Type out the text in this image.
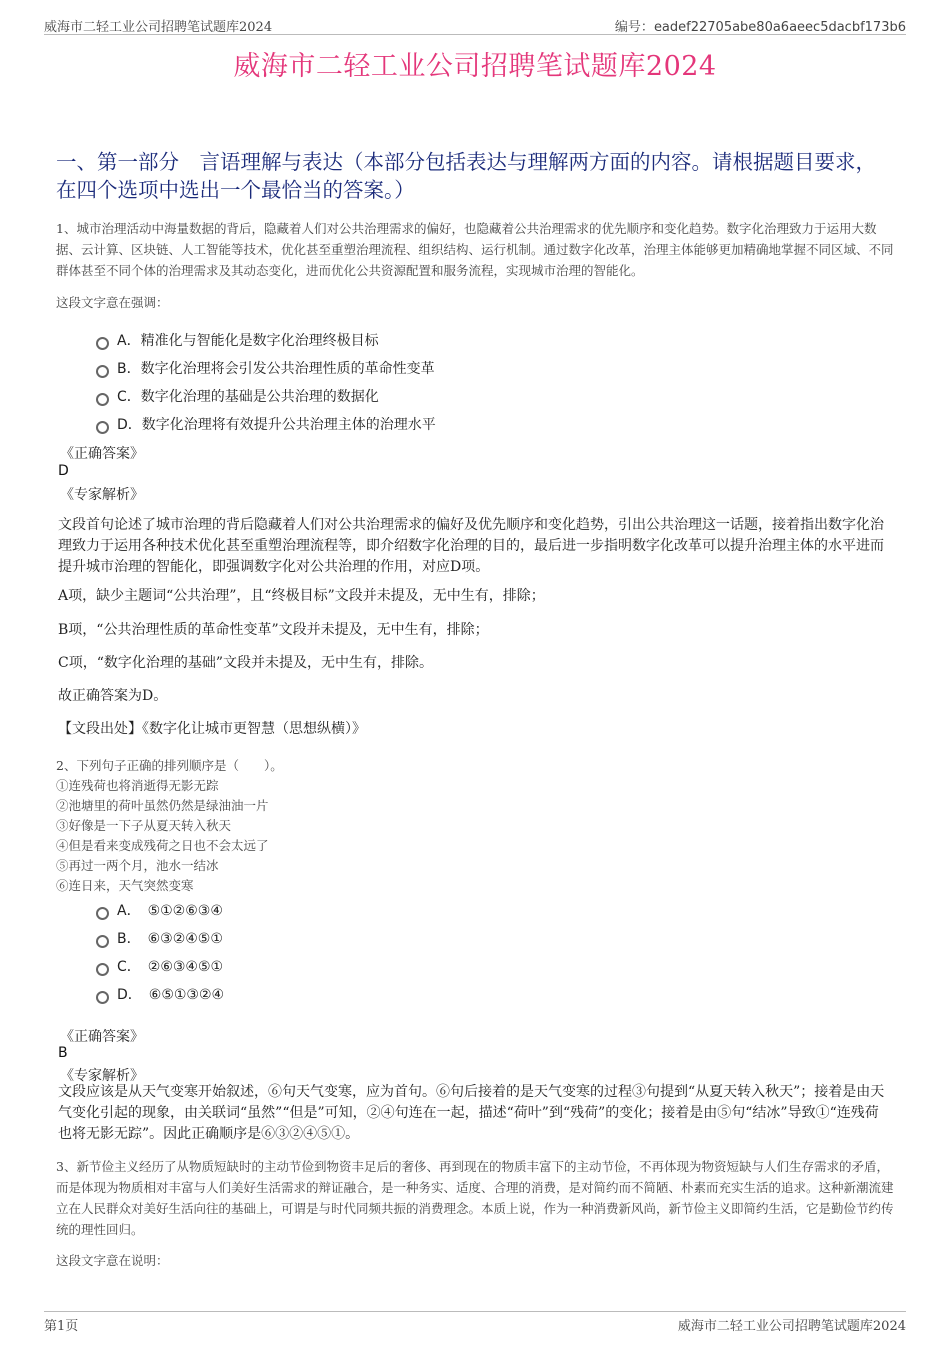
威海市二轻工业公司招聘笔试题库2024	编号：eadef22705abe80a6aeec5dacbf173b6
威海市二轻工业公司招聘笔试题库2024
一、第一部分　言语理解与表达（本部分包括表达与理解两方面的内容。请根据题目要求，在四个选项中选出一个最恰当的答案。）
1、城市治理活动中海量数据的背后，隐藏着人们对公共治理需求的偏好，也隐藏着公共治理需求的优先顺序和变化趋势。数字化治理致力于运用大数据、云计算、区块链、人工智能等技术，优化甚至重塑治理流程、组织结构、运行机制。通过数字化改革，治理主体能够更加精确地掌握不同区域、不同群体甚至不同个体的治理需求及其动态变化，进而优化公共资源配置和服务流程，实现城市治理的智能化。
这段文字意在强调：
A．精准化与智能化是数字化治理终极目标
B．数字化治理将会引发公共治理性质的革命性变革
C．数字化治理的基础是公共治理的数据化
D．数字化治理将有效提升公共治理主体的治理水平
《正确答案》
D
《专家解析》
文段首句论述了城市治理的背后隐藏着人们对公共治理需求的偏好及优先顺序和变化趋势，引出公共治理这一话题，接着指出数字化治理致力于运用各种技术优化甚至重塑治理流程等，即介绍数字化治理的目的，最后进一步指明数字化改革可以提升治理主体的水平进而提升城市治理的智能化，即强调数字化对公共治理的作用，对应D项。
A项，缺少主题词“公共治理”，且“终极目标”文段并未提及，无中生有，排除；
B项，“公共治理性质的革命性变革”文段并未提及，无中生有，排除；
C项，“数字化治理的基础”文段并未提及，无中生有，排除。
故正确答案为D。
【文段出处】《数字化让城市更智慧（思想纵横）》
2、下列句子正确的排列顺序是（　　）。
①连残荷也将消逝得无影无踪
②池塘里的荷叶虽然仍然是绿油油一片
③好像是一下子从夏天转入秋天
④但是看来变成残荷之日也不会太远了
⑤再过一两个月，池水一结冰
⑥连日来，天气突然变寒
A．　⑤①②⑥③④
B．　⑥③②④⑤①
C．　②⑥③④⑤①
D．　⑥⑤①③②④
《正确答案》
B
《专家解析》
文段应该是从天气变寒开始叙述，⑥句天气变寒，应为首句。⑥句后接着的是天气变寒的过程③句提到“从夏天转入秋天”；接着是由天气变化引起的现象，由关联词“虽然”“但是”可知，②④句连在一起，描述“荷叶”到“残荷”的变化；接着是由⑤句“结冰”导致①“连残荷也将无影无踪”。因此正确顺序是⑥③②④⑤①。
3、新节俭主义经历了从物质短缺时的主动节俭到物资丰足后的奢侈、再到现在的物质丰富下的主动节俭，不再体现为物资短缺与人们生存需求的矛盾，而是体现为物质相对丰富与人们美好生活需求的辩证融合，是一种务实、适度、合理的消费，是对简约而不简陋、朴素而充实生活的追求。这种新潮流建立在人民群众对美好生活向往的基础上，可谓是与时代同频共振的消费理念。本质上说，作为一种消费新风尚，新节俭主义即简约生活，它是勤俭节约传统的理性回归。
这段文字意在说明：
第1页	威海市二轻工业公司招聘笔试题库2024
